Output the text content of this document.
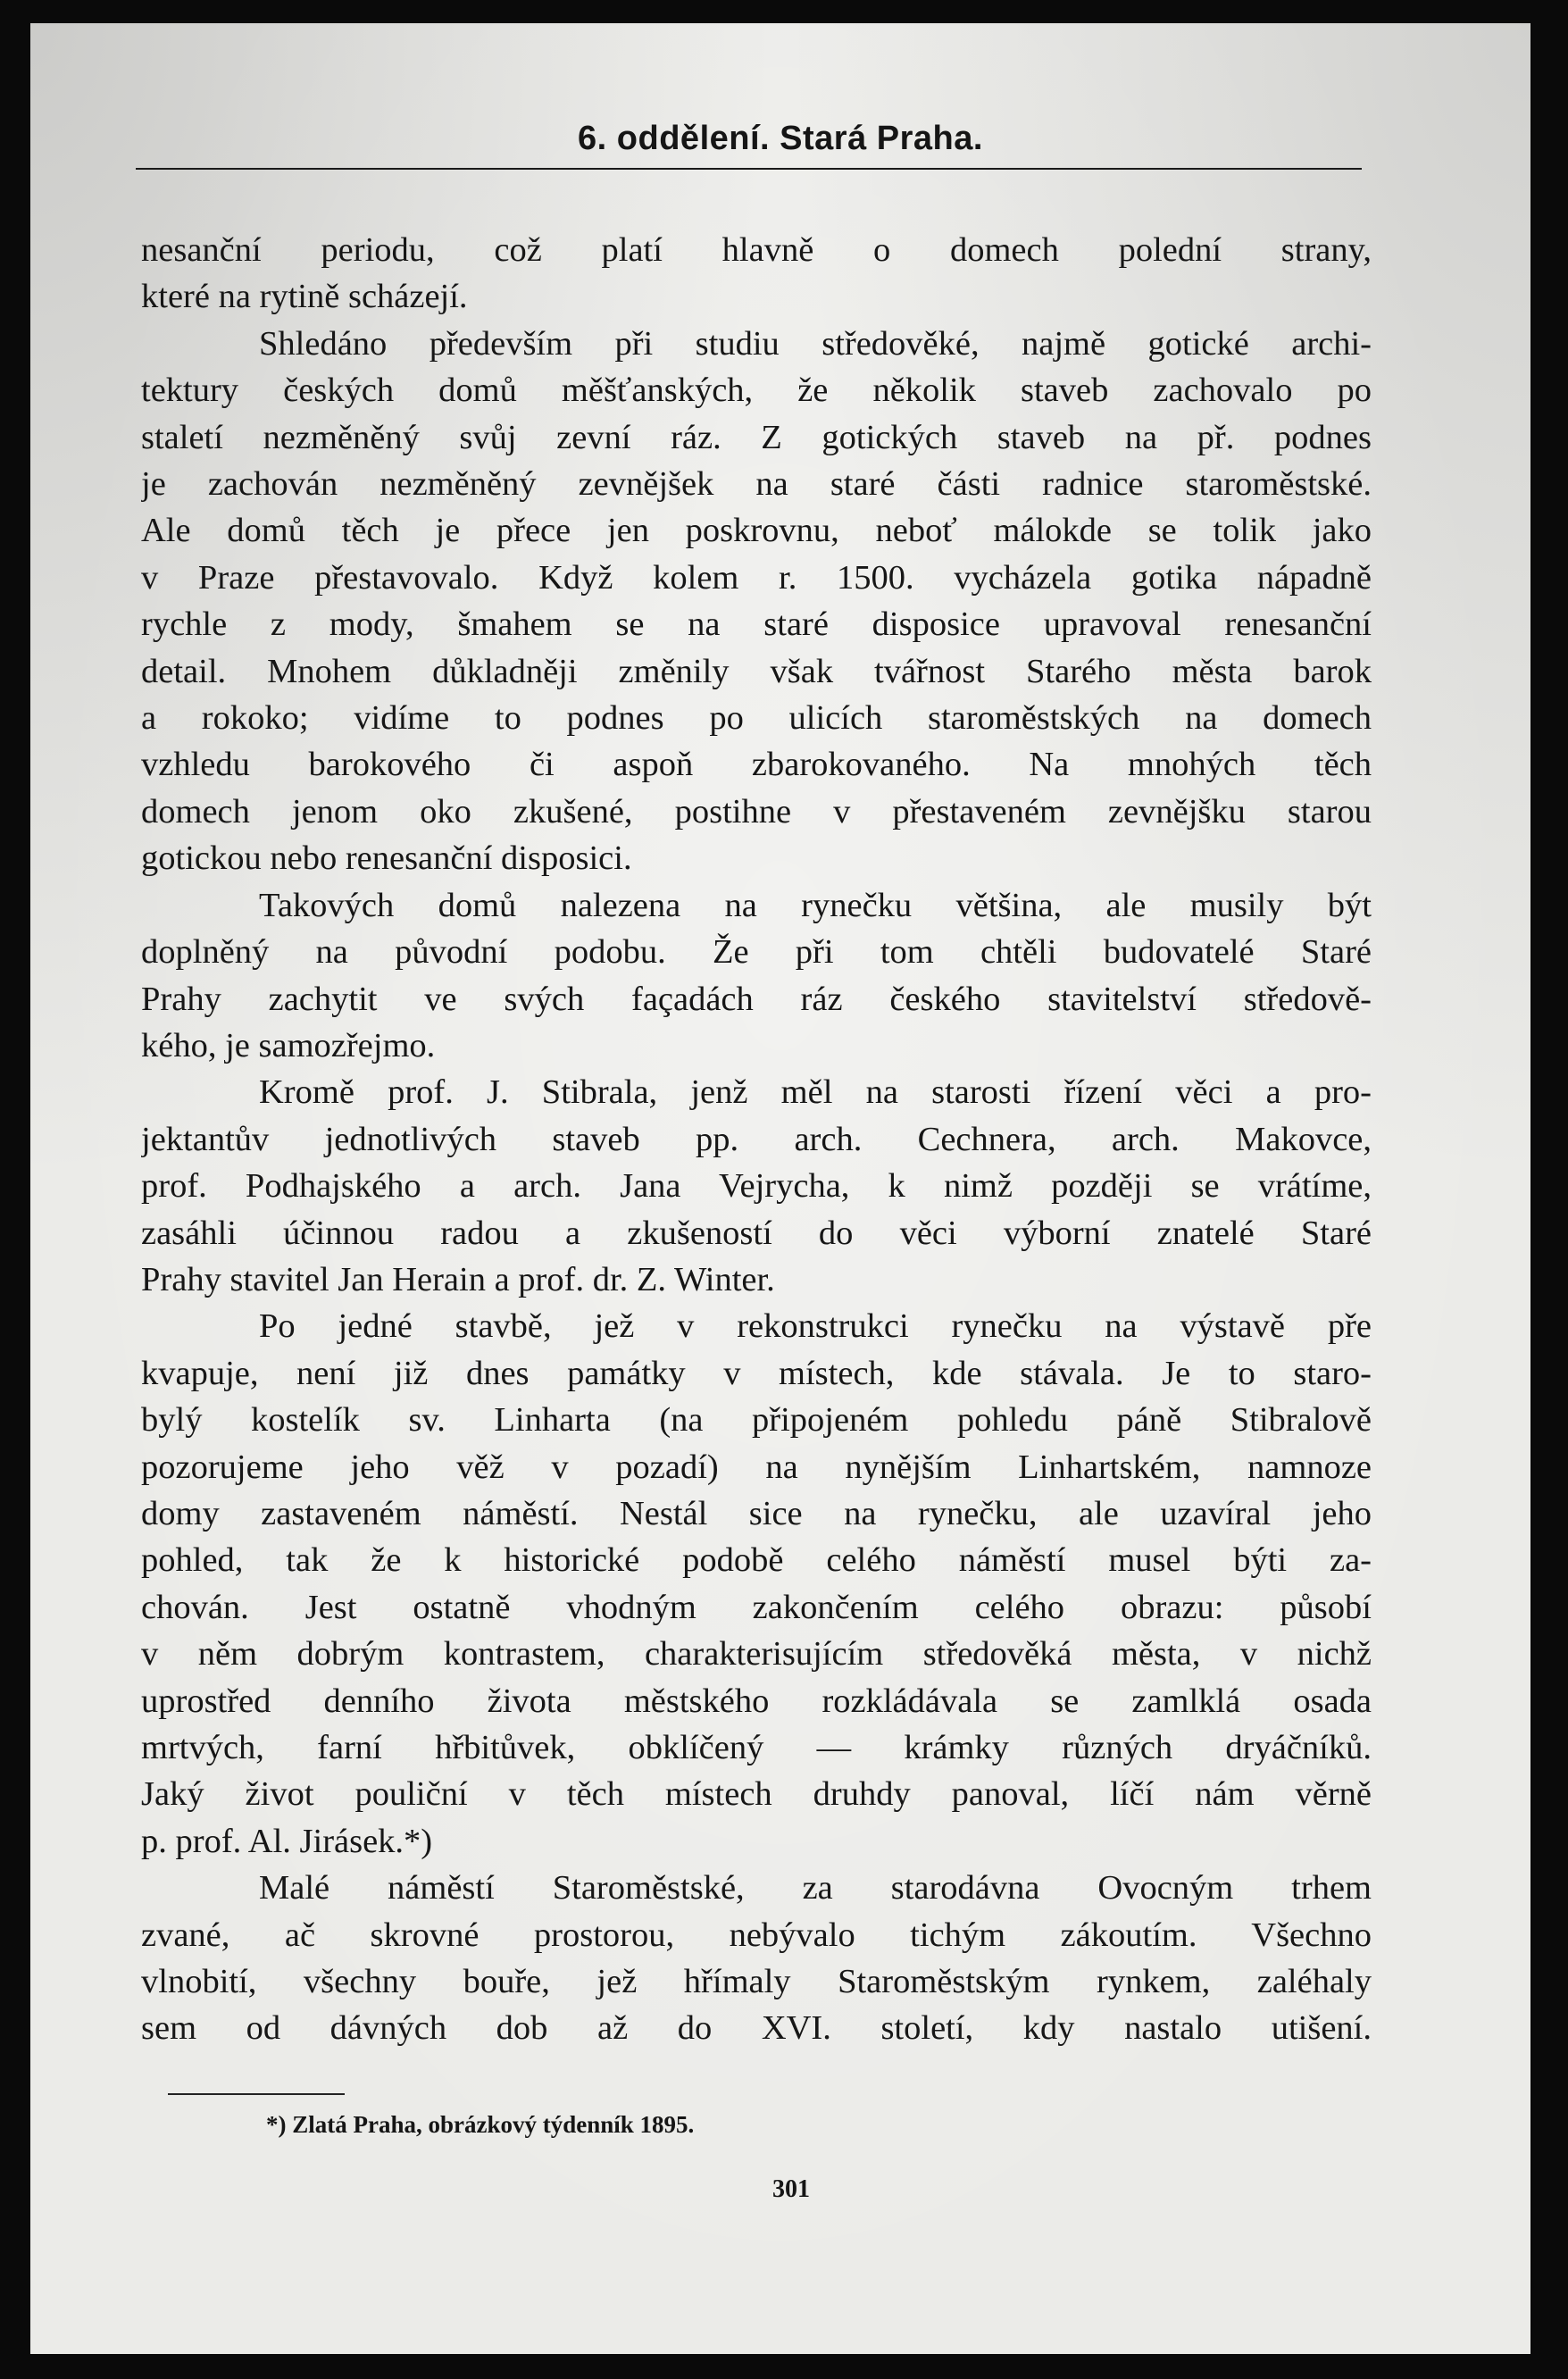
6. oddělení. Stará Praha.
nesanční periodu, což platí hlavně o domech polední strany,
které na rytině scházejí.
Shledáno především při studiu středověké, najmě gotické archi-
tektury českých domů měšťanských, že několik staveb zachovalo po
staletí nezměněný svůj zevní ráz. Z gotických staveb na př. podnes
je zachován nezměněný zevnějšek na staré části radnice staroměstské.
Ale domů těch je přece jen poskrovnu, neboť málokde se tolik jako
v Praze přestavovalo. Když kolem r. 1500. vycházela gotika nápadně
rychle z mody, šmahem se na staré disposice upravoval renesanční
detail. Mnohem důkladněji změnily však tvářnost Starého města barok
a rokoko; vidíme to podnes po ulicích staroměstských na domech
vzhledu barokového či aspoň zbarokovaného. Na mnohých těch
domech jenom oko zkušené, postihne v přestaveném zevnějšku starou
gotickou nebo renesanční disposici.
Takových domů nalezena na rynečku většina, ale musily být
doplněný na původní podobu. Že při tom chtěli budovatelé Staré
Prahy zachytit ve svých façadách ráz českého stavitelství středově-
kého, je samozřejmo.
Kromě prof. J. Stibrala, jenž měl na starosti řízení věci a pro-
jektantův jednotlivých staveb pp. arch. Cechnera, arch. Makovce,
prof. Podhajského a arch. Jana Vejrycha, k nimž později se vrátíme,
zasáhli účinnou radou a zkušeností do věci výborní znatelé Staré
Prahy stavitel Jan Herain a prof. dr. Z. Winter.
Po jedné stavbě, jež v rekonstrukci rynečku na výstavě pře
kvapuje, není již dnes památky v místech, kde stávala. Je to staro-
bylý kostelík sv. Linharta (na připojeném pohledu páně Stibralově
pozorujeme jeho věž v pozadí) na nynějším Linhartském, namnoze
domy zastaveném náměstí. Nestál sice na rynečku, ale uzavíral jeho
pohled, tak že k historické podobě celého náměstí musel býti za-
chován. Jest ostatně vhodným zakončením celého obrazu: působí
v něm dobrým kontrastem, charakterisujícím středověká města, v nichž
uprostřed denního života městského rozkládávala se zamlklá osada
mrtvých, farní hřbitůvek, obklíčený — krámky různých dryáčníků.
Jaký život pouliční v těch místech druhdy panoval, líčí nám věrně
p. prof. Al. Jirásek.*)
Malé náměstí Staroměstské, za starodávna Ovocným trhem
zvané, ač skrovné prostorou, nebývalo tichým zákoutím. Všechno
vlnobití, všechny bouře, jež hřímaly Staroměstským rynkem, zaléhaly
sem od dávných dob až do XVI. století, kdy nastalo utišení.
*) Zlatá Praha, obrázkový týdenník 1895.
301
